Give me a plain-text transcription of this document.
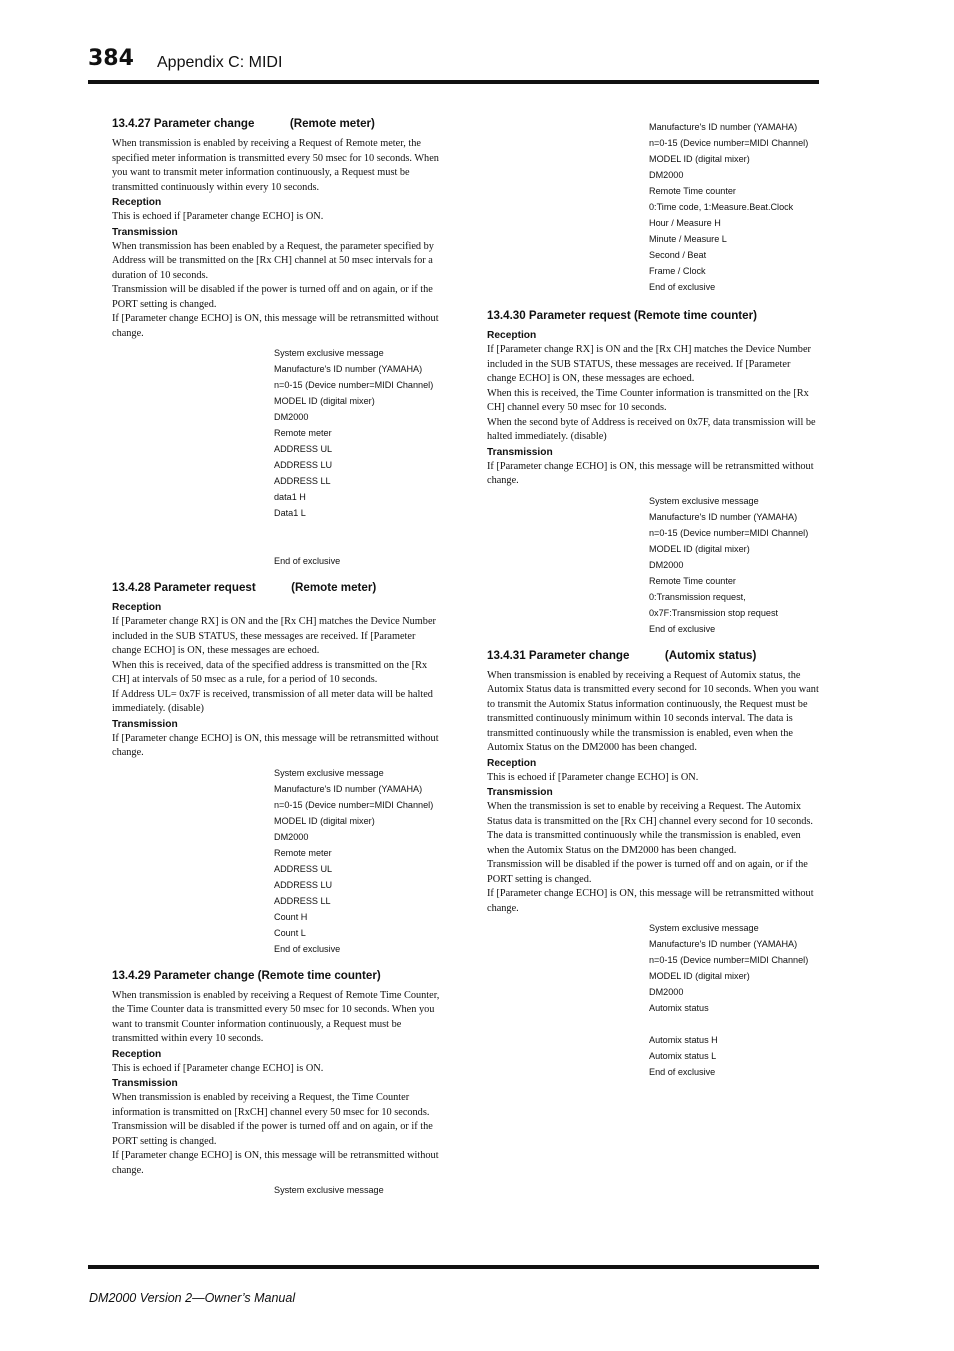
384 Appendix C: MIDI
13.4.27 Parameter change           (Remote meter)

When transmission is enabled by receiving a Request of Remote meter, the specified meter information is transmitted every 50 msec for 10 seconds. When you want to transmit meter information continuously, a Request must be transmitted continuously within every 10 seconds.

Reception

This is echoed if [Parameter change ECHO] is ON.

Transmission

When transmission has been enabled by a Request, the parameter specified by Address will be transmitted on the [Rx CH] channel at 50 msec intervals for a duration of 10 seconds.
Transmission will be disabled if the power is turned off and on again, or if the PORT setting is changed.
If [Parameter change ECHO] is ON, this message will be retransmitted without change.

System exclusive message
Manufacture's ID number (YAMAHA)
n=0-15 (Device number=MIDI Channel)
MODEL ID (digital mixer)
DM2000
Remote meter
ADDRESS UL
ADDRESS LU
ADDRESS LL
data1 H
Data1 L
End of exclusive
13.4.28 Parameter request           (Remote meter)
Reception

If [Parameter change RX] is ON and the [Rx CH] matches the Device Number included in the SUB STATUS, these messages are received. If [Parameter change ECHO] is ON, these messages are echoed.
When this is received, data of the specified address is transmitted on the [Rx CH] at intervals of 50 msec as a rule, for a period of 10 seconds.
If Address UL= 0x7F is received, transmission of all meter data will be halted immediately. (disable)

Transmission

If [Parameter change ECHO] is ON, this message will be retransmitted without change.

System exclusive message
Manufacture's ID number (YAMAHA)
n=0-15 (Device number=MIDI Channel)
MODEL ID (digital mixer)
DM2000
Remote meter
ADDRESS UL
ADDRESS LU
ADDRESS LL
Count H
Count L
End of exclusive
13.4.29 Parameter change (Remote time counter)

When transmission is enabled by receiving a Request of Remote Time Counter, the Time Counter data is transmitted every 50 msec for 10 seconds. When you want to transmit Counter information continuously, a Request must be transmitted within every 10 seconds.

Reception

This is echoed if [Parameter change ECHO] is ON.

Transmission

When transmission is enabled by receiving a Request, the Time Counter information is transmitted on [RxCH] channel every 50 msec for 10 seconds.
Transmission will be disabled if the power is turned off and on again, or if the PORT setting is changed.
If [Parameter change ECHO] is ON, this message will be retransmitted without change.

System exclusive message
Manufacture's ID number (YAMAHA)
n=0-15 (Device number=MIDI Channel)
MODEL ID (digital mixer)
DM2000
Remote Time counter
0:Time code, 1:Measure.Beat.Clock
Hour / Measure H
Minute / Measure L
Second / Beat
Frame / Clock
End of exclusive
13.4.30 Parameter request (Remote time counter)
Reception

If [Parameter change RX] is ON and the [Rx CH] matches the Device Number included in the SUB STATUS, these messages are received. If [Parameter change ECHO] is ON, these messages are echoed.
When this is received, the Time Counter information is transmitted on the [Rx CH] channel every 50 msec for 10 seconds.
When the second byte of Address is received on 0x7F, data transmission will be halted immediately. (disable)

Transmission

If [Parameter change ECHO] is ON, this message will be retransmitted without change.

System exclusive message
Manufacture's ID number (YAMAHA)
n=0-15 (Device number=MIDI Channel)
MODEL ID (digital mixer)
DM2000
Remote Time counter
0:Transmission request,
0x7F:Transmission stop request
End of exclusive
13.4.31 Parameter change           (Automix status)

When transmission is enabled by receiving a Request of Automix status, the Automix Status data is transmitted every second for 10 seconds. When you want to transmit the Automix Status information continuously, the Request must be transmitted continuously minimum within 10 seconds interval. The data is transmitted continuously while the transmission is enabled, even when the Automix Status on the DM2000 has been changed.

Reception

This is echoed if [Parameter change ECHO] is ON.

Transmission

When the transmission is set to enable by receiving a Request. The Automix Status data is transmitted on the [Rx CH] channel every second for 10 seconds. The data is transmitted continuously while the transmission is enabled, even when the Automix Status on the DM2000 has been changed.
Transmission will be disabled if the power is turned off and on again, or if the PORT setting is changed.
If [Parameter change ECHO] is ON, this message will be retransmitted without change.

System exclusive message
Manufacture's ID number (YAMAHA)
n=0-15 (Device number=MIDI Channel)
MODEL ID (digital mixer)
DM2000
Automix status
Automix status H
Automix status L
End of exclusive
DM2000 Version 2—Owner’s Manual
